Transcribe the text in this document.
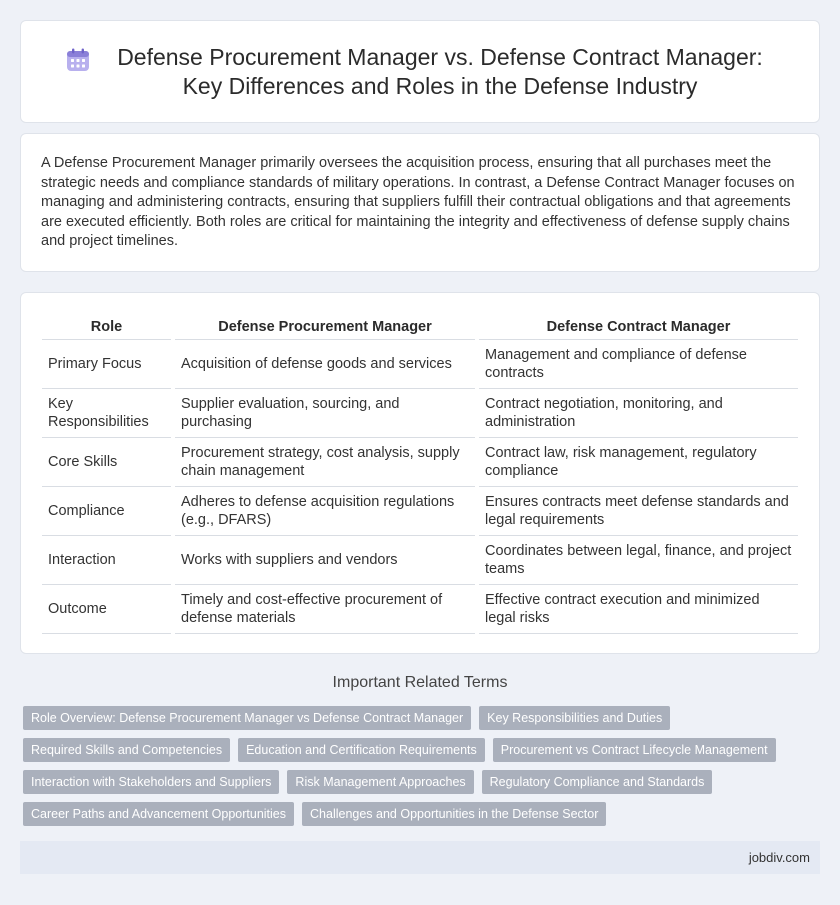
Defense Procurement Manager vs. Defense Contract Manager: Key Differences and Roles in the Defense Industry

A Defense Procurement Manager primarily oversees the acquisition process, ensuring that all purchases meet the strategic needs and compliance standards of military operations. In contrast, a Defense Contract Manager focuses on managing and administering contracts, ensuring that suppliers fulfill their contractual obligations and that agreements are executed efficiently. Both roles are critical for maintaining the integrity and effectiveness of defense supply chains and project timelines.

Role	Defense Procurement Manager	Defense Contract Manager
Primary Focus	Acquisition of defense goods and services	Management and compliance of defense contracts
Key Responsibilities	Supplier evaluation, sourcing, and purchasing	Contract negotiation, monitoring, and administration
Core Skills	Procurement strategy, cost analysis, supply chain management	Contract law, risk management, regulatory compliance
Compliance	Adheres to defense acquisition regulations (e.g., DFARS)	Ensures contracts meet defense standards and legal requirements
Interaction	Works with suppliers and vendors	Coordinates between legal, finance, and project teams
Outcome	Timely and cost-effective procurement of defense materials	Effective contract execution and minimized legal risks
Important Related Terms
Role Overview: Defense Procurement Manager vs Defense Contract Manager	Key Responsibilities and Duties
Required Skills and Competencies	Education and Certification Requirements	Procurement vs Contract Lifecycle Management
Interaction with Stakeholders and Suppliers	Risk Management Approaches	Regulatory Compliance and Standards
Career Paths and Advancement Opportunities	Challenges and Opportunities in the Defense Sector
jobdiv.com
